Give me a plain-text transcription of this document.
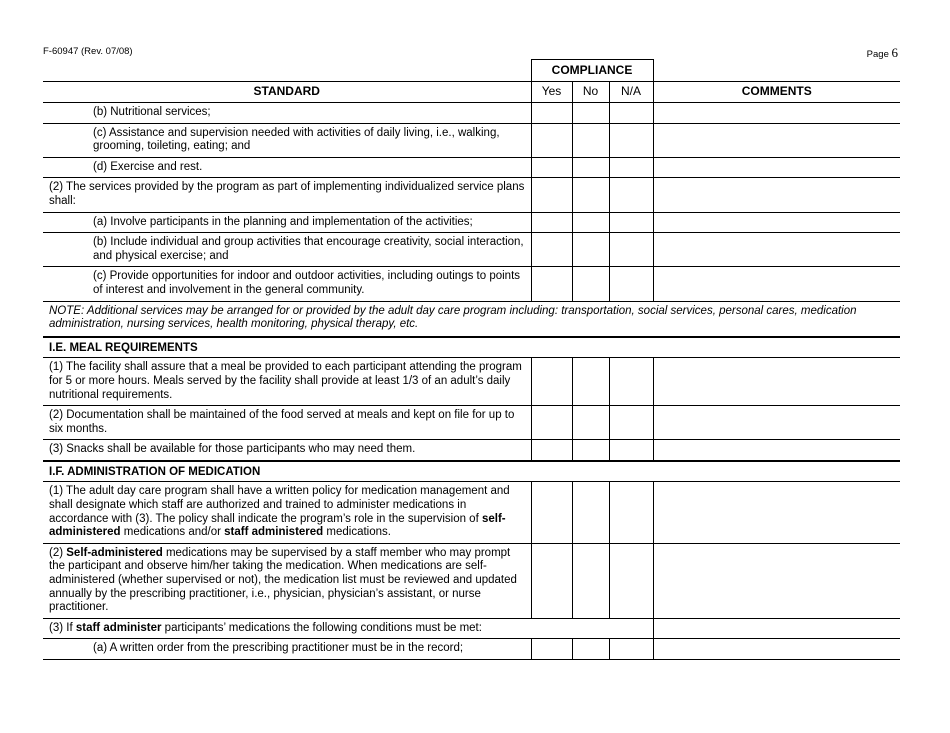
F-60947 (Rev. 07/08)	Page 6
	COMPLIANCE			
STANDARD	Yes	No	N/A	COMMENTS
(b) Nutritional services;				
(c) Assistance and supervision needed with activities of daily living, i.e., walking, grooming, toileting, eating; and				
(d) Exercise and rest.				
(2) The services provided by the program as part of implementing individualized service plans shall:				
(a) Involve participants in the planning and implementation of the activities;				
(b) Include individual and group activities that encourage creativity, social interaction, and physical exercise; and				
(c) Provide opportunities for indoor and outdoor activities, including outings to points of interest and involvement in the general community.				
NOTE: Additional services may be arranged for or provided by the adult day care program including: transportation, social services, personal cares, medication administration, nursing services, health monitoring, physical therapy, etc.				
I.E. MEAL REQUIREMENTS				
(1) The facility shall assure that a meal be provided to each participant attending the program for 5 or more hours. Meals served by the facility shall provide at least 1/3 of an adult’s daily nutritional requirements.				
(2) Documentation shall be maintained of the food served at meals and kept on file for up to six months.				
(3) Snacks shall be available for those participants who may need them.				
I.F. ADMINISTRATION OF MEDICATION				
(1) The adult day care program shall have a written policy for medication management and shall designate which staff are authorized and trained to administer medications in accordance with (3). The policy shall indicate the program’s role in the supervision of self-administered medications and/or staff administered medications.				
(2) Self-administered medications may be supervised by a staff member who may prompt the participant and observe him/her taking the medication. When medications are self-administered (whether supervised or not), the medication list must be reviewed and updated annually by the prescribing practitioner, i.e., physician, physician’s assistant, or nurse practitioner.				
(3) If staff administer participants’ medications the following conditions must be met:				
(a) A written order from the prescribing practitioner must be in the record;				
